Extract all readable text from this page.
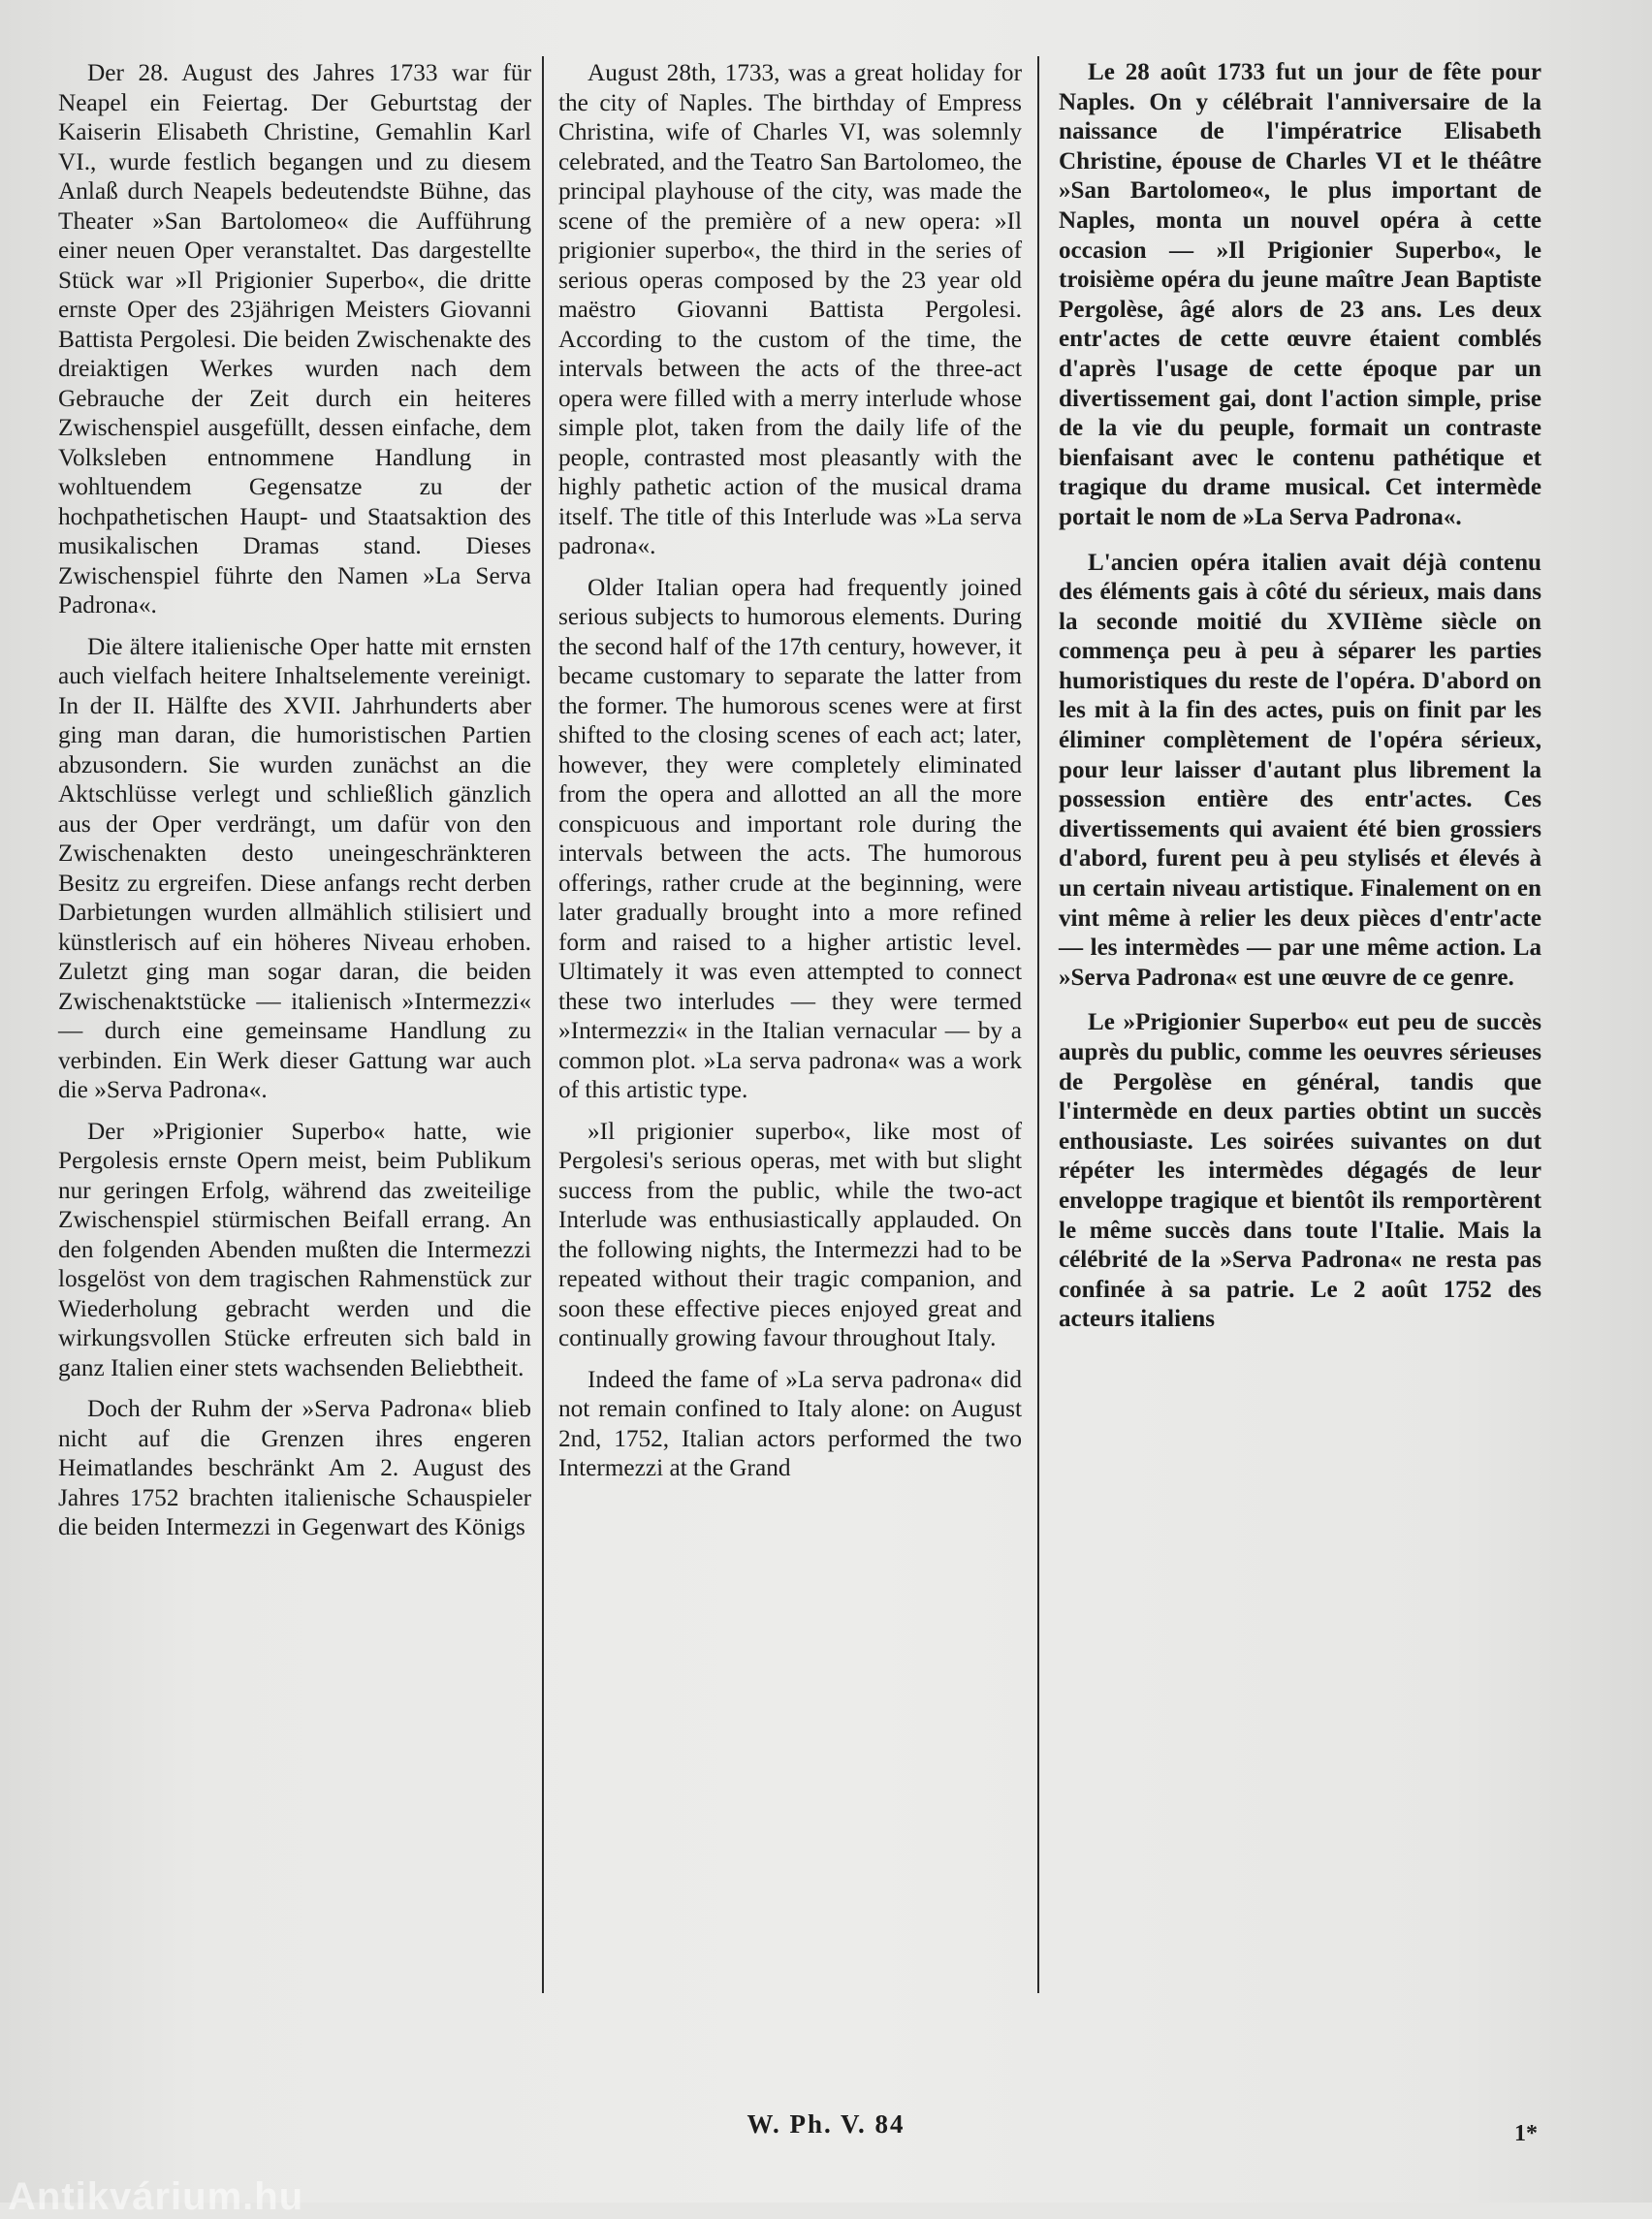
Der 28. August des Jahres 1733 war für Neapel ein Feiertag. Der Geburtstag der Kaiserin Elisabeth Christine, Gemahlin Karl VI., wurde festlich begangen und zu diesem Anlaß durch Neapels bedeutendste Bühne, das Theater »San Bartolomeo« die Aufführung einer neuen Oper veranstaltet. Das dargestellte Stück war »Il Prigionier Superbo«, die dritte ernste Oper des 23jährigen Meisters Giovanni Battista Pergolesi. Die beiden Zwischenakte des dreiaktigen Werkes wurden nach dem Gebrauche der Zeit durch ein heiteres Zwischenspiel ausgefüllt, dessen einfache, dem Volksleben entnommene Handlung in wohltuendem Gegensatze zu der hochpathetischen Haupt- und Staatsaktion des musikalischen Dramas stand. Dieses Zwischenspiel führte den Namen »La Serva Padrona«.

Die ältere italienische Oper hatte mit ernsten auch vielfach heitere Inhaltselemente vereinigt. In der II. Hälfte des XVII. Jahrhunderts aber ging man daran, die humoristischen Partien abzusondern. Sie wurden zunächst an die Aktschlüsse verlegt und schließlich gänzlich aus der Oper verdrängt, um dafür von den Zwischenakten desto uneingeschränkteren Besitz zu ergreifen. Diese anfangs recht derben Darbietungen wurden allmählich stilisiert und künstlerisch auf ein höheres Niveau erhoben. Zuletzt ging man sogar daran, die beiden Zwischenaktstücke — italienisch »Intermezzi« — durch eine gemeinsame Handlung zu verbinden. Ein Werk dieser Gattung war auch die »Serva Padrona«.

Der »Prigionier Superbo« hatte, wie Pergolesis ernste Opern meist, beim Publikum nur geringen Erfolg, während das zweiteilige Zwischenspiel stürmischen Beifall errang. An den folgenden Abenden mußten die Intermezzi losgelöst von dem tragischen Rahmenstück zur Wiederholung gebracht werden und die wirkungsvollen Stücke erfreuten sich bald in ganz Italien einer stets wachsenden Beliebtheit.

Doch der Ruhm der »Serva Padrona« blieb nicht auf die Grenzen ihres engeren Heimatlandes beschränkt Am 2. August des Jahres 1752 brachten italienische Schauspieler die beiden Intermezzi in Gegenwart des Königs

August 28th, 1733, was a great holiday for the city of Naples. The birthday of Empress Christina, wife of Charles VI, was solemnly celebrated, and the Teatro San Bartolomeo, the principal playhouse of the city, was made the scene of the première of a new opera: »Il prigionier superbo«, the third in the series of serious operas composed by the 23 year old maëstro Giovanni Battista Pergolesi. According to the custom of the time, the intervals between the acts of the three-act opera were filled with a merry interlude whose simple plot, taken from the daily life of the people, contrasted most pleasantly with the highly pathetic action of the musical drama itself. The title of this Interlude was »La serva padrona«.

Older Italian opera had frequently joined serious subjects to humorous elements. During the second half of the 17th century, however, it became customary to separate the latter from the former. The humorous scenes were at first shifted to the closing scenes of each act; later, however, they were completely eliminated from the opera and allotted an all the more conspicuous and important role during the intervals between the acts. The humorous offerings, rather crude at the beginning, were later gradually brought into a more refined form and raised to a higher artistic level. Ultimately it was even attempted to connect these two interludes — they were termed »Intermezzi« in the Italian vernacular — by a common plot. »La serva padrona« was a work of this artistic type.

»Il prigionier superbo«, like most of Pergolesi's serious operas, met with but slight success from the public, while the two-act Interlude was enthusiastically applauded. On the following nights, the Intermezzi had to be repeated without their tragic companion, and soon these effective pieces enjoyed great and continually growing favour throughout Italy.

Indeed the fame of »La serva padrona« did not remain confined to Italy alone: on August 2nd, 1752, Italian actors performed the two Intermezzi at the Grand

Le 28 août 1733 fut un jour de fête pour Naples. On y célébrait l'anniversaire de la naissance de l'impératrice Elisabeth Christine, épouse de Charles VI et le théâtre »San Bartolomeo«, le plus important de Naples, monta un nouvel opéra à cette occasion — »Il Prigionier Superbo«, le troisième opéra du jeune maître Jean Baptiste Pergolèse, âgé alors de 23 ans. Les deux entr'actes de cette œuvre étaient comblés d'après l'usage de cette époque par un divertissement gai, dont l'action simple, prise de la vie du peuple, formait un contraste bienfaisant avec le contenu pathétique et tragique du drame musical. Cet intermède portait le nom de »La Serva Padrona«.

L'ancien opéra italien avait déjà contenu des éléments gais à côté du sérieux, mais dans la seconde moitié du XVIIème siècle on commença peu à peu à séparer les parties humoristiques du reste de l'opéra. D'abord on les mit à la fin des actes, puis on finit par les éliminer complètement de l'opéra sérieux, pour leur laisser d'autant plus librement la possession entière des entr'actes. Ces divertissements qui avaient été bien grossiers d'abord, furent peu à peu stylisés et élevés à un certain niveau artistique. Finalement on en vint même à relier les deux pièces d'entr'acte — les intermèdes — par une même action. La »Serva Padrona« est une œuvre de ce genre.

Le »Prigionier Superbo« eut peu de succès auprès du public, comme les oeuvres sérieuses de Pergolèse en général, tandis que l'intermède en deux parties obtint un succès enthousiaste. Les soirées suivantes on dut répéter les intermèdes dégagés de leur enveloppe tragique et bientôt ils remportèrent le même succès dans toute l'Italie. Mais la célébrité de la »Serva Padrona« ne resta pas confinée à sa patrie. Le 2 août 1752 des acteurs italiens

W. Ph. V. 84	1*
Antikvárium.hu
